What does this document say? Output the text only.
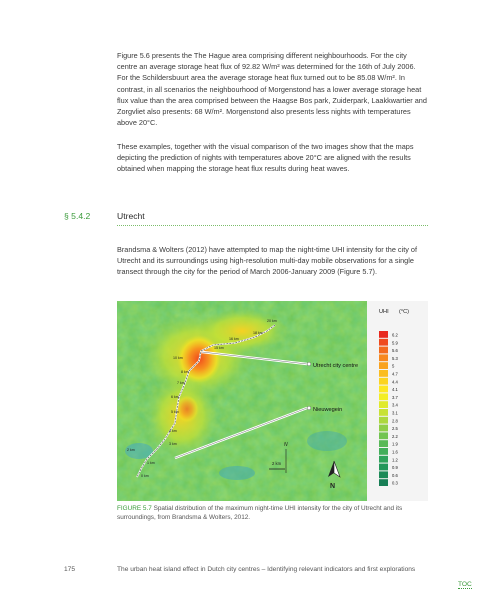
Figure 5.6 presents the The Hague area comprising different neighbourhoods. For the city centre an average storage heat flux of 92.82 W/m² was determined for the 16th of July 2006. For the Schildersbuurt area the average storage heat flux turned out to be 85.08 W/m². In contrast, in all scenarios the neighbourhood of Morgenstond has a lower average storage heat flux value than the area comprised between the Haagse Bos park, Zuiderpark, Laakkwartier and Zorgvliet also presents: 68 W/m². Morgenstond also presents less nights with temperatures above 20°C.

These examples, together with the visual comparison of the two images show that the maps depicting the prediction of nights with temperatures above 20°C are aligned with the results obtained when mapping the storage heat flux results during heat waves.

§ 5.4.2	Utrecht

Brandsma & Wolters (2012) have attempted to map the night-time UHI intensity for the city of Utrecht and its surroundings using high-resolution multi-day mobile observations for a single transect through the city for the period of March 2006-January 2009 (Figure 5.7).

20 km
18 km
16 km
15 km
10 km
8 km
7 km
6 km
5 km
4 km
3 km
2 km
1 km
0 km
Utrecht city centre
Nieuwegein
N
2 km
N
UHI (°C)
6.2
5.9
5.6
5.3
5
4.7
4.4
4.1
3.7
3.4
3.1
2.8
2.5
2.2
1.9
1.6
1.2
0.9
0.6
0.3

FIGURE 5.7 Spatial distribution of the maximum night-time UHI intensity for the city of Utrecht and its surroundings, from Brandsma & Wolters, 2012.

175	The urban heat island effect in Dutch city centres – Identifying relevant indicators and first explorations
TOC
